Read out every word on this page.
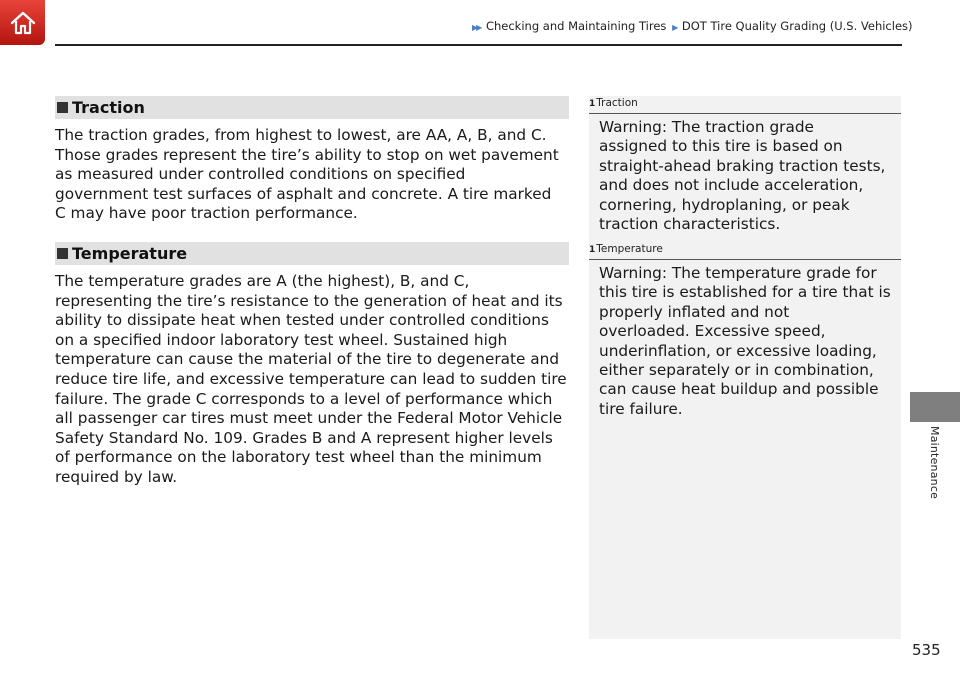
▶▶ Checking and Maintaining Tires ▶ DOT Tire Quality Grading (U.S. Vehicles)
Maintenance
Traction
The traction grades, from highest to lowest, are AA, A, B, and C.
Those grades represent the tire’s ability to stop on wet pavement
as measured under controlled conditions on specified
government test surfaces of asphalt and concrete. A tire marked
C may have poor traction performance.
Temperature
The temperature grades are A (the highest), B, and C,
representing the tire’s resistance to the generation of heat and its
ability to dissipate heat when tested under controlled conditions
on a specified indoor laboratory test wheel. Sustained high
temperature can cause the material of the tire to degenerate and
reduce tire life, and excessive temperature can lead to sudden tire
failure. The grade C corresponds to a level of performance which
all passenger car tires must meet under the Federal Motor Vehicle
Safety Standard No. 109. Grades B and A represent higher levels
of performance on the laboratory test wheel than the minimum
required by law.
1Traction
Warning: The traction grade
assigned to this tire is based on
straight-ahead braking traction tests,
and does not include acceleration,
cornering, hydroplaning, or peak
traction characteristics.
1Temperature
Warning: The temperature grade for
this tire is established for a tire that is
properly inflated and not
overloaded. Excessive speed,
underinflation, or excessive loading,
either separately or in combination,
can cause heat buildup and possible
tire failure.
535
